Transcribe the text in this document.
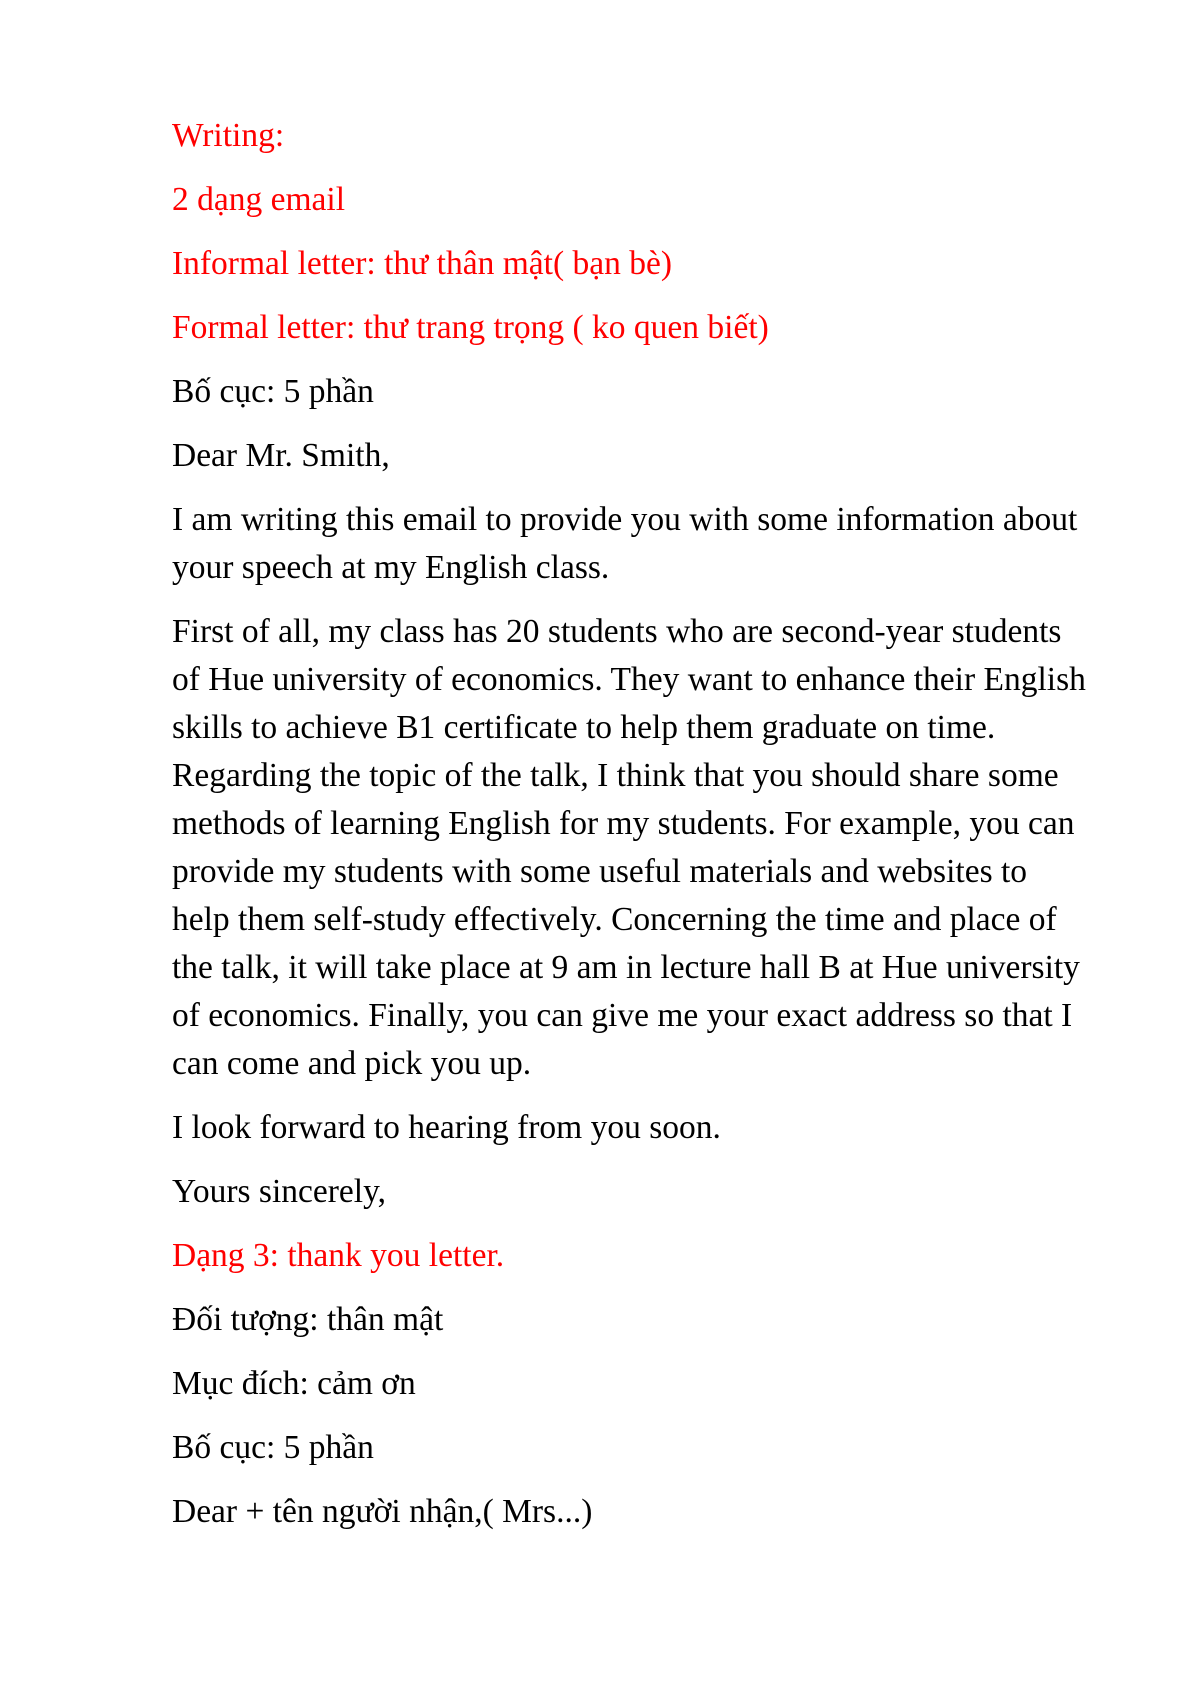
Writing:

2 dạng email

Informal letter: thư thân mật( bạn bè)

Formal letter: thư trang trọng ( ko quen biết)

Bố cục: 5 phần

Dear Mr. Smith,

I am writing this email to provide you with some information about your speech at my English class.

First of all, my class has 20 students who are second-year students of Hue university of economics. They want to enhance their English skills to achieve B1 certificate to help them graduate on time. Regarding the topic of the talk, I think that you should share some methods of learning English for my students. For example, you can provide my students with some useful materials and websites to help them self-study effectively. Concerning the time and place of the talk, it will take place at 9 am in lecture hall B at Hue university of economics. Finally, you can give me your exact address so that I can come and pick you up.

I look forward to hearing from you soon.

Yours sincerely,

Dạng 3: thank you letter.

Đối tượng: thân mật

Mục đích: cảm ơn

Bố cục: 5 phần

Dear + tên người nhận,( Mrs...)
